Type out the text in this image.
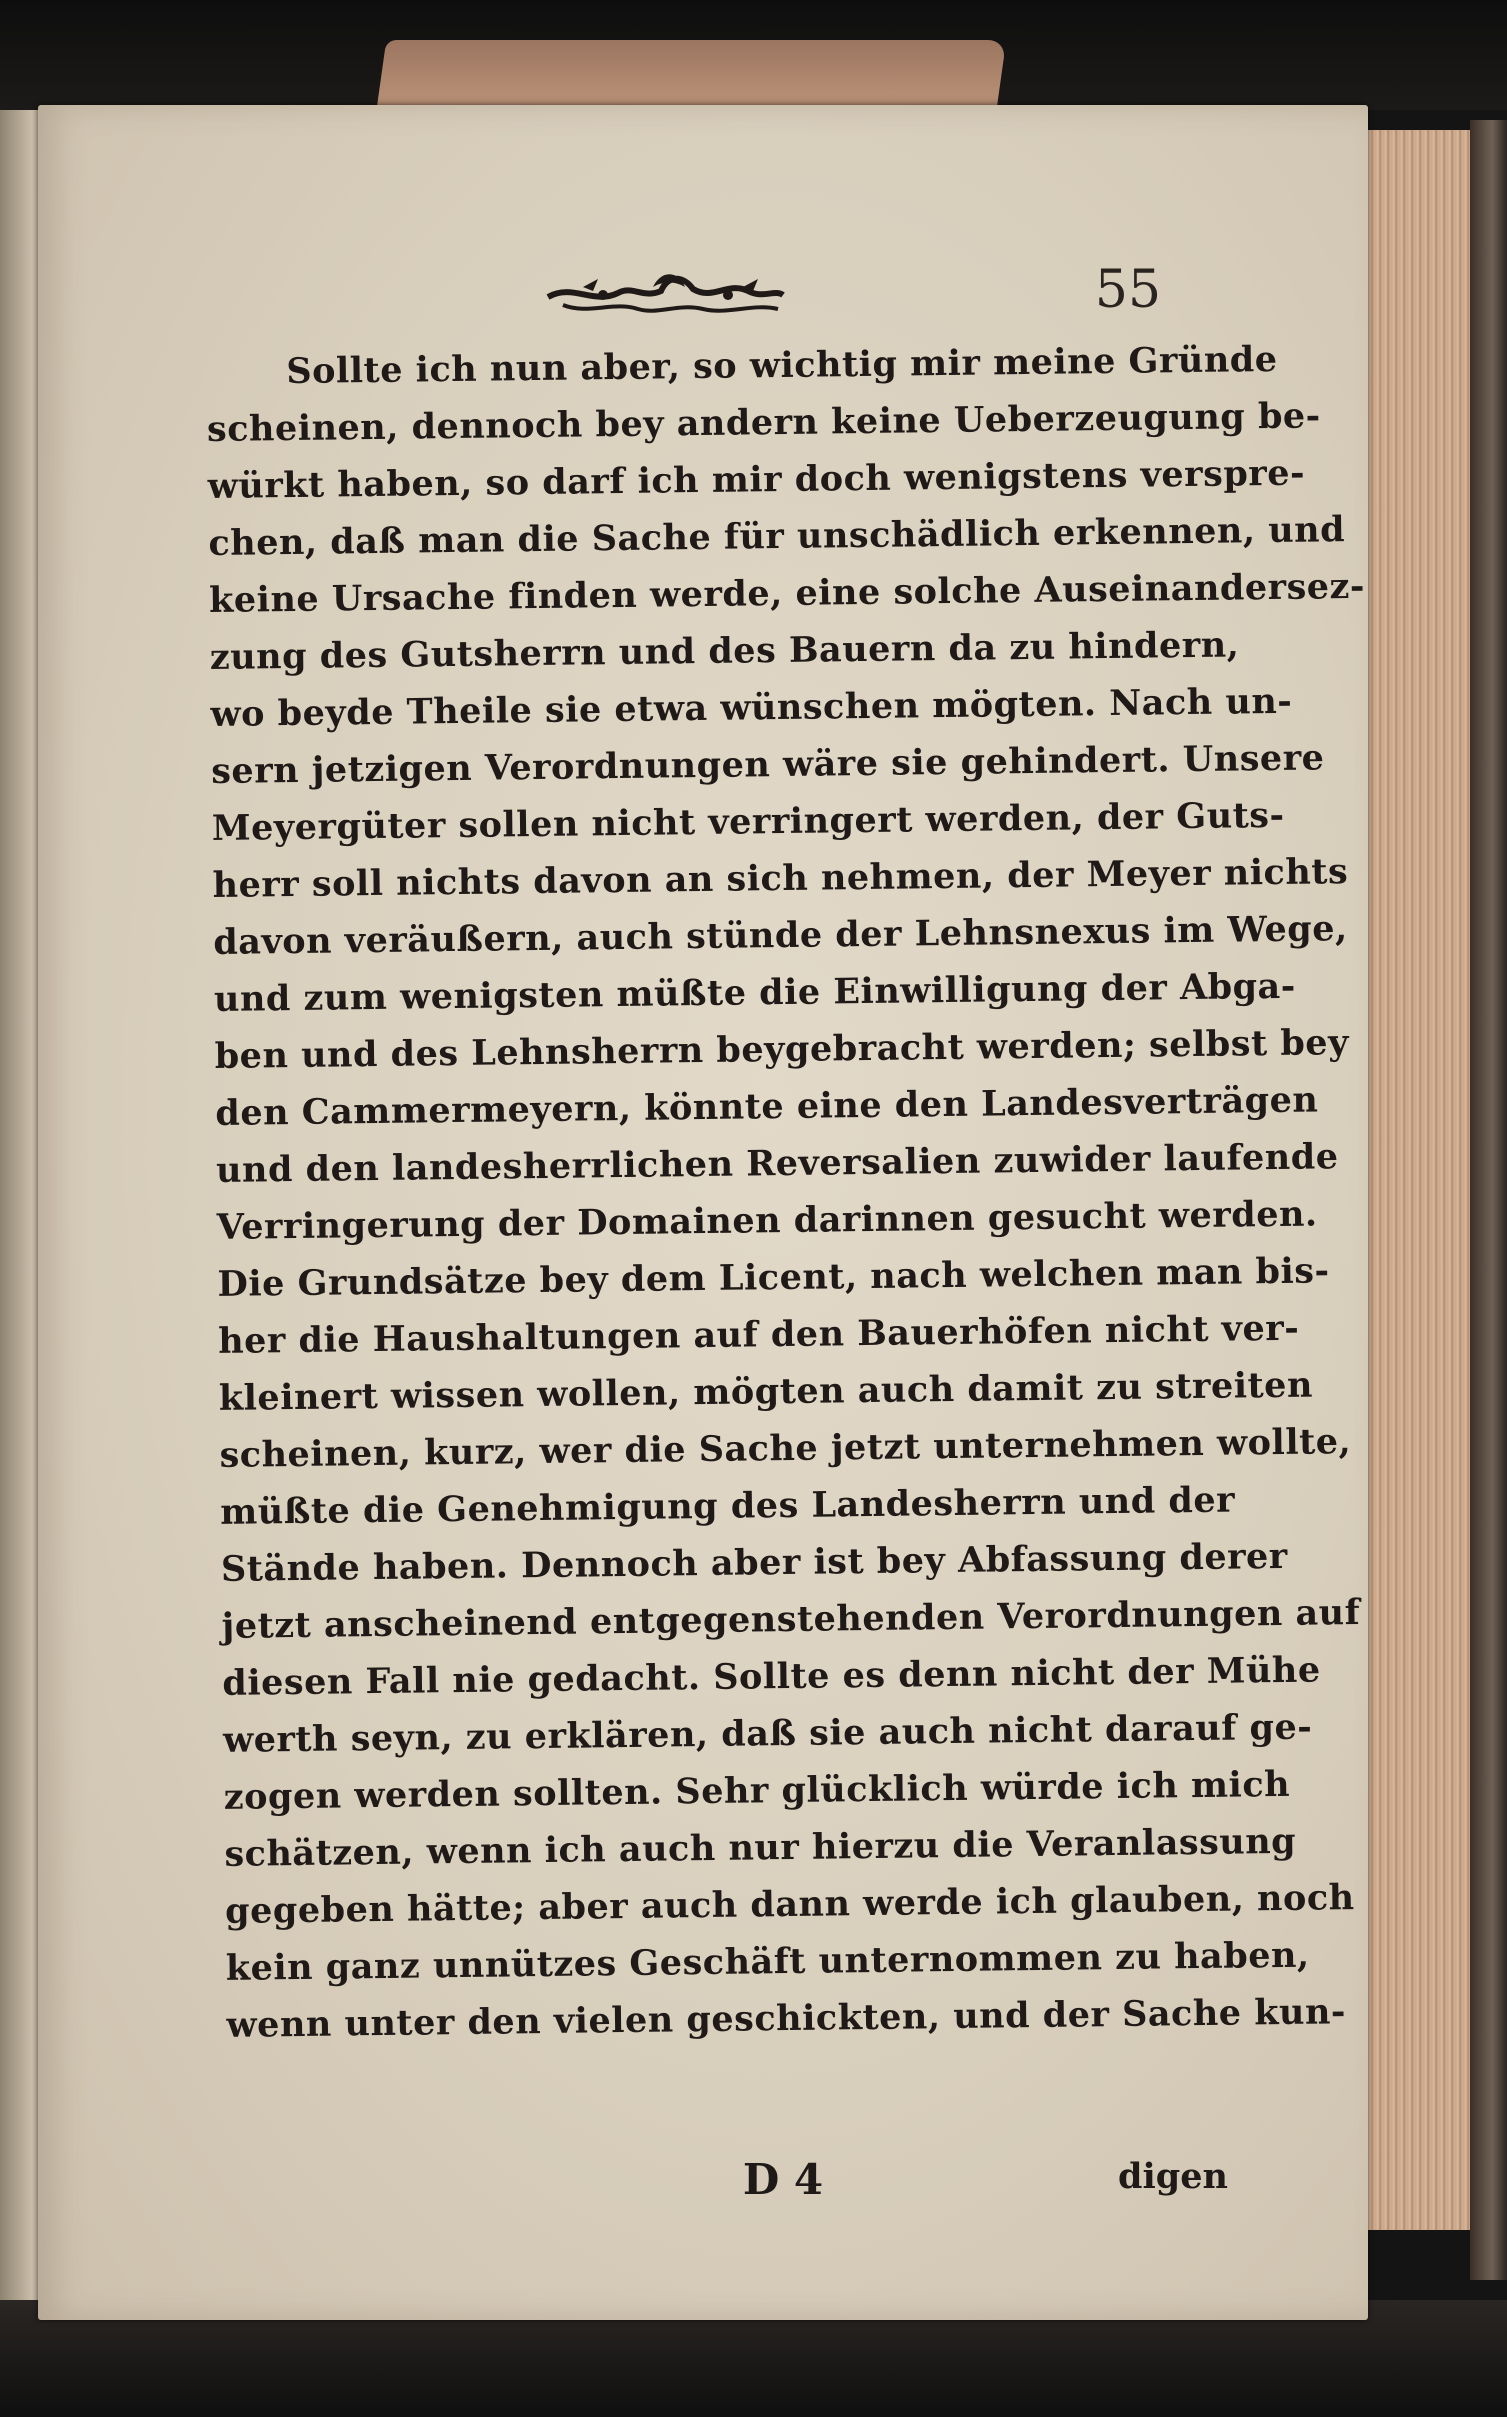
55
Sollte ich nun aber, so wichtig mir meine Gründe
scheinen, dennoch bey andern keine Ueberzeugung be-
würkt haben, so darf ich mir doch wenigstens verspre-
chen, daß man die Sache für unschädlich erkennen, und
keine Ursache finden werde, eine solche Auseinandersez-
zung des Gutsherrn und des Bauern da zu hindern,
wo beyde Theile sie etwa wünschen mögten. Nach un-
sern jetzigen Verordnungen wäre sie gehindert. Unsere
Meyergüter sollen nicht verringert werden, der Guts-
herr soll nichts davon an sich nehmen, der Meyer nichts
davon veräußern, auch stünde der Lehnsnexus im Wege,
und zum wenigsten müßte die Einwilligung der Abga-
ben und des Lehnsherrn beygebracht werden; selbst bey
den Cammermeyern, könnte eine den Landesverträgen
und den landesherrlichen Reversalien zuwider laufende
Verringerung der Domainen darinnen gesucht werden.
Die Grundsätze bey dem Licent, nach welchen man bis-
her die Haushaltungen auf den Bauerhöfen nicht ver-
kleinert wissen wollen, mögten auch damit zu streiten
scheinen, kurz, wer die Sache jetzt unternehmen wollte,
müßte die Genehmigung des Landesherrn und der
Stände haben. Dennoch aber ist bey Abfassung derer
jetzt anscheinend entgegenstehenden Verordnungen auf
diesen Fall nie gedacht. Sollte es denn nicht der Mühe
werth seyn, zu erklären, daß sie auch nicht darauf ge-
zogen werden sollten. Sehr glücklich würde ich mich
schätzen, wenn ich auch nur hierzu die Veranlassung
gegeben hätte; aber auch dann werde ich glauben, noch
kein ganz unnützes Geschäft unternommen zu haben,
wenn unter den vielen geschickten, und der Sache kun-
D 4	digen
